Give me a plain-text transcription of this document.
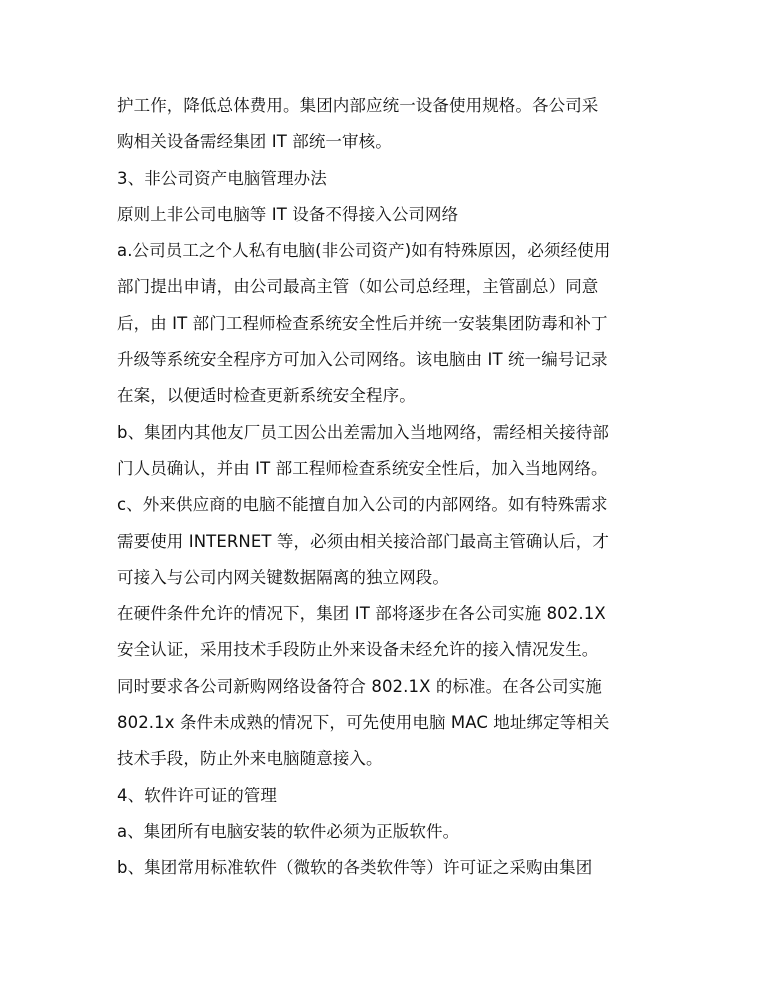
护工作，降低总体费用。集团内部应统一设备使用规格。各公司采
购相关设备需经集团 IT 部统一审核。
3、非公司资产电脑管理办法
原则上非公司电脑等 IT 设备不得接入公司网络
a.公司员工之个人私有电脑(非公司资产)如有特殊原因，必须经使用
部门提出申请，由公司最高主管（如公司总经理，主管副总）同意
后，由 IT 部门工程师检查系统安全性后并统一安装集团防毒和补丁
升级等系统安全程序方可加入公司网络。该电脑由 IT 统一编号记录
在案，以便适时检查更新系统安全程序。
b、集团内其他友厂员工因公出差需加入当地网络，需经相关接待部
门人员确认，并由 IT 部工程师检查系统安全性后，加入当地网络。
c、外来供应商的电脑不能擅自加入公司的内部网络。如有特殊需求
需要使用 INTERNET 等，必须由相关接洽部门最高主管确认后，才
可接入与公司内网关键数据隔离的独立网段。
在硬件条件允许的情况下，集团 IT 部将逐步在各公司实施 802.1X
安全认证，采用技术手段防止外来设备未经允许的接入情况发生。
同时要求各公司新购网络设备符合 802.1X 的标准。在各公司实施
802.1x 条件未成熟的情况下，可先使用电脑 MAC 地址绑定等相关
技术手段，防止外来电脑随意接入。
4、软件许可证的管理
a、集团所有电脑安装的软件必须为正版软件。
b、集团常用标准软件（微软的各类软件等）许可证之采购由集团
